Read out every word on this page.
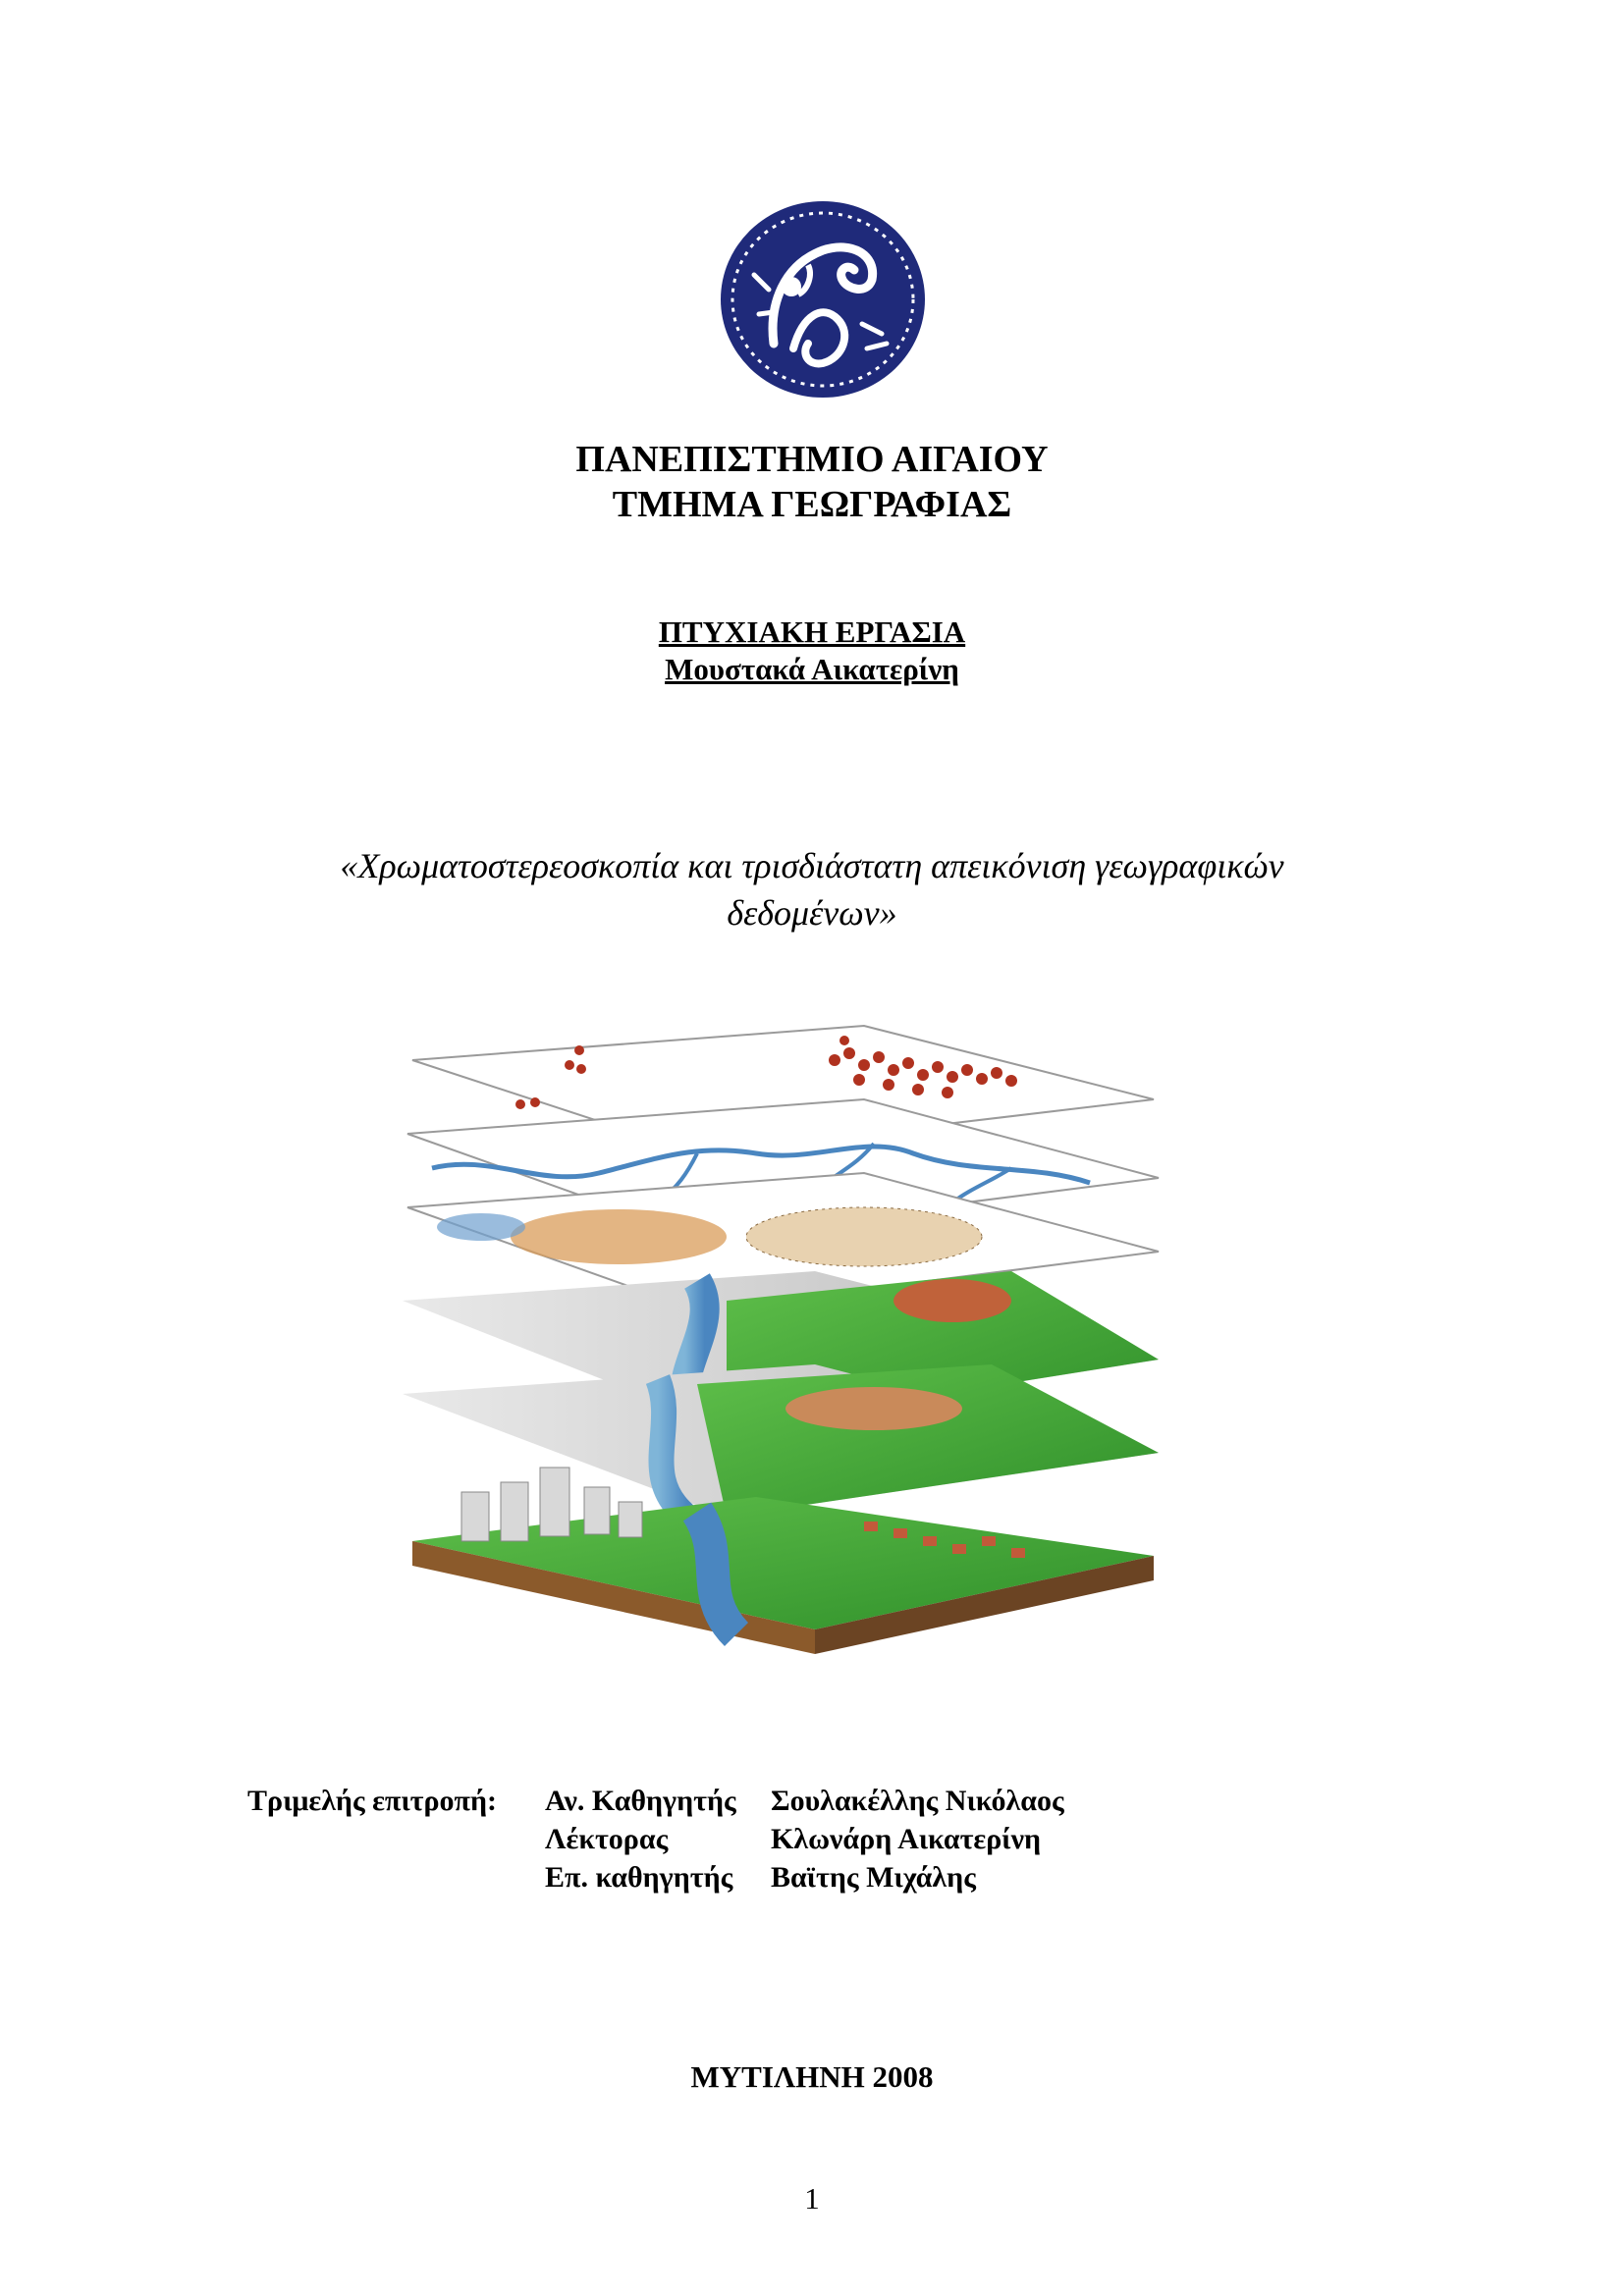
ΠΑΝΕΠΙΣΤΗΜΙΟ ΑΙΓΑΙΟΥ
ΤΜΗΜΑ ΓΕΩΓΡΑΦΙΑΣ
ΠΤΥΧΙΑΚΗ ΕΡΓΑΣΙΑ
Μουστακά Αικατερίνη
«Χρωματοστερεοσκοπία και τρισδιάστατη απεικόνιση γεωγραφικών
δεδομένων»
Τριμελής επιτροπή: Αν. Καθηγητής Σουλακέλλης Νικόλαος
Λέκτορας	Κλωνάρη Αικατερίνη
Επ. καθηγητής Βαϊτης Μιχάλης
ΜΥΤΙΛΗΝΗ 2008
1
